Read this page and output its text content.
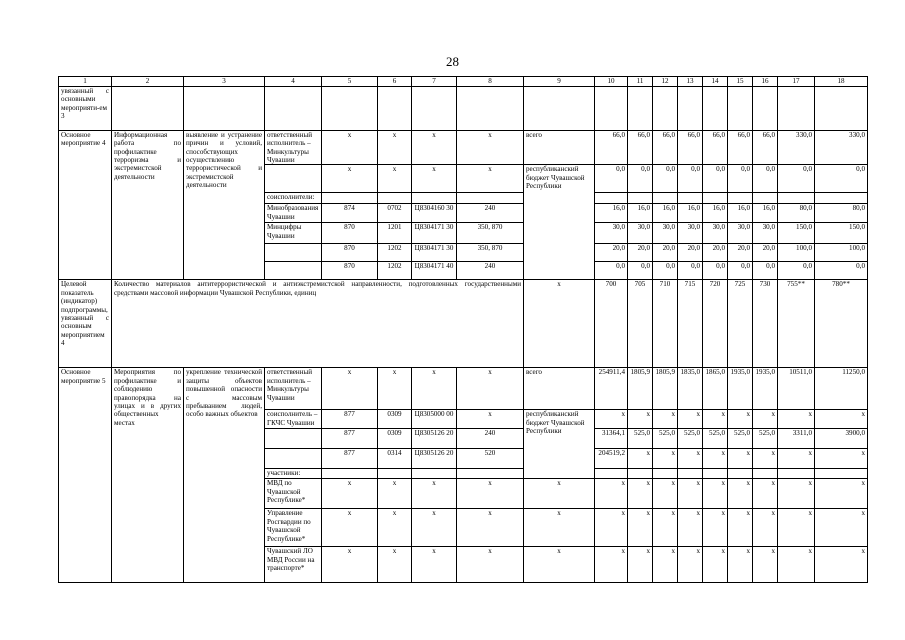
28
1	2	3	4	5	6	7	8	9	10	11	12	13	14	15	16	17	18	
увязанный с основными мероприяти-ем 3																		
Основное мероприятие 4	Информационная работа по профилактике терроризма и экстремистской деятельности	выявление и устранение причин и условий, способствующих осуществлению террористической и экстремистской деятельности	ответственный исполнитель – Минкультуры Чувашии	x	x	x	x	всего	66,0	66,0	66,0	66,0	66,0	66,0	66,0	330,0	330,0	
				x	x	x	x	республиканский бюджет Чувашской Республики	0,0	0,0	0,0	0,0	0,0	0,0	0,0	0,0	0,0	
			соисполнители:															
			Минобразования Чувашии	874	0702	Ц8304160 30	240		16,0	16,0	16,0	16,0	16,0	16,0	16,0	80,0	80,0	
			Минцифры Чувашии	870	1201	Ц8304171 30	350, 870		30,0	30,0	30,0	30,0	30,0	30,0	30,0	150,0	150,0	
				870	1202	Ц8304171 30	350, 870		20,0	20,0	20,0	20,0	20,0	20,0	20,0	100,0	100,0	
				870	1202	Ц8304171 40	240		0,0	0,0	0,0	0,0	0,0	0,0	0,0	0,0	0,0	
Целевой показатель (индикатор) подпрограммы, увязанный с основным мероприятием 4	Количество материалов антитеррористической и антиэкстремистской направленности, подготовленных государственными средствами массовой информации Чувашской Республики, единиц							x	700	705	710	715	720	725	730	755**	780**	
Основное мероприятие 5	Мероприятия по профилактике и соблюдению правопорядка на улицах и в других общественных местах	укрепление технической защиты объектов повышенной опасности с массовым пребыванием людей, особо важных объектов	ответственный исполнитель – Минкультуры Чувашии	x	x	x	x	всего	254911,4	1805,9	1805,9	1835,0	1865,0	1935,0	1935,0	10511,0	11250,0	
			соисполнитель – ГКЧС Чувашии	877	0309	Ц8305000 00	x	республиканский бюджет Чувашской Республики	x	x	x	x	x	x	x	x	x	
				877	0309	Ц8305126 20	240		31364,1	525,0	525,0	525,0	525,0	525,0	525,0	3311,0	3900,0	
				877	0314	Ц8305126 20	520		204519,2	x	x	x	x	x	x	x	x	
			участники:															
			МВД по Чувашской Республике*	x	x	x	x	x	x	x	x	x	x	x	x	x	x	
			Управление Росгвардии по Чувашской Республике*	x	x	x	x	x	x	x	x	x	x	x	x	x	x	
			Чувашский ЛО МВД России на транспорте*	x	x	x	x	x	x	x	x	x	x	x	x	x	x	
